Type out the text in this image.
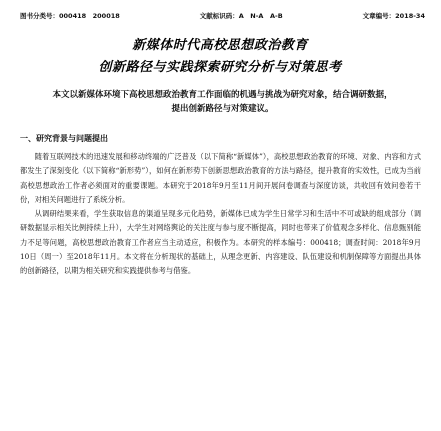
图书分类号：000418　200018	文献标识码：A　N-A　A-B	文章编号：2018-34
新媒体时代高校思想政治教育
创新路径与实践探索研究分析与对策思考
本文以新媒体环境下高校思想政治教育工作面临的机遇与挑战为研究对象，结合调研数据，
提出创新路径与对策建议。
一、研究背景与问题提出

随着互联网技术的迅速发展和移动终端的广泛普及（以下简称“新媒体”），高校思想政治教育的环境、对象、内容和方式都发生了深刻变化（以下简称“新形势”），如何在新形势下创新思想政治教育的方法与路径，提升教育的实效性，已成为当前高校思想政治工作者必须面对的重要课题。本研究于2018年9月至11月间开展问卷调查与深度访谈，共收回有效问卷若干份，对相关问题进行了系统分析。

从调研结果来看，学生获取信息的渠道呈现多元化趋势，新媒体已成为学生日常学习和生活中不可或缺的组成部分（调研数据显示相关比例持续上升），大学生对网络舆论的关注度与参与度不断提高，同时也带来了价值观念多样化、信息甄别能力不足等问题，高校思想政治教育工作者应当主动适应，积极作为。本研究的样本编号：000418；调查时间：2018年9月10日（周一）至2018年11月。本文将在分析现状的基础上，从理念更新、内容建设、队伍建设和机制保障等方面提出具体的创新路径，以期为相关研究和实践提供参考与借鉴。
